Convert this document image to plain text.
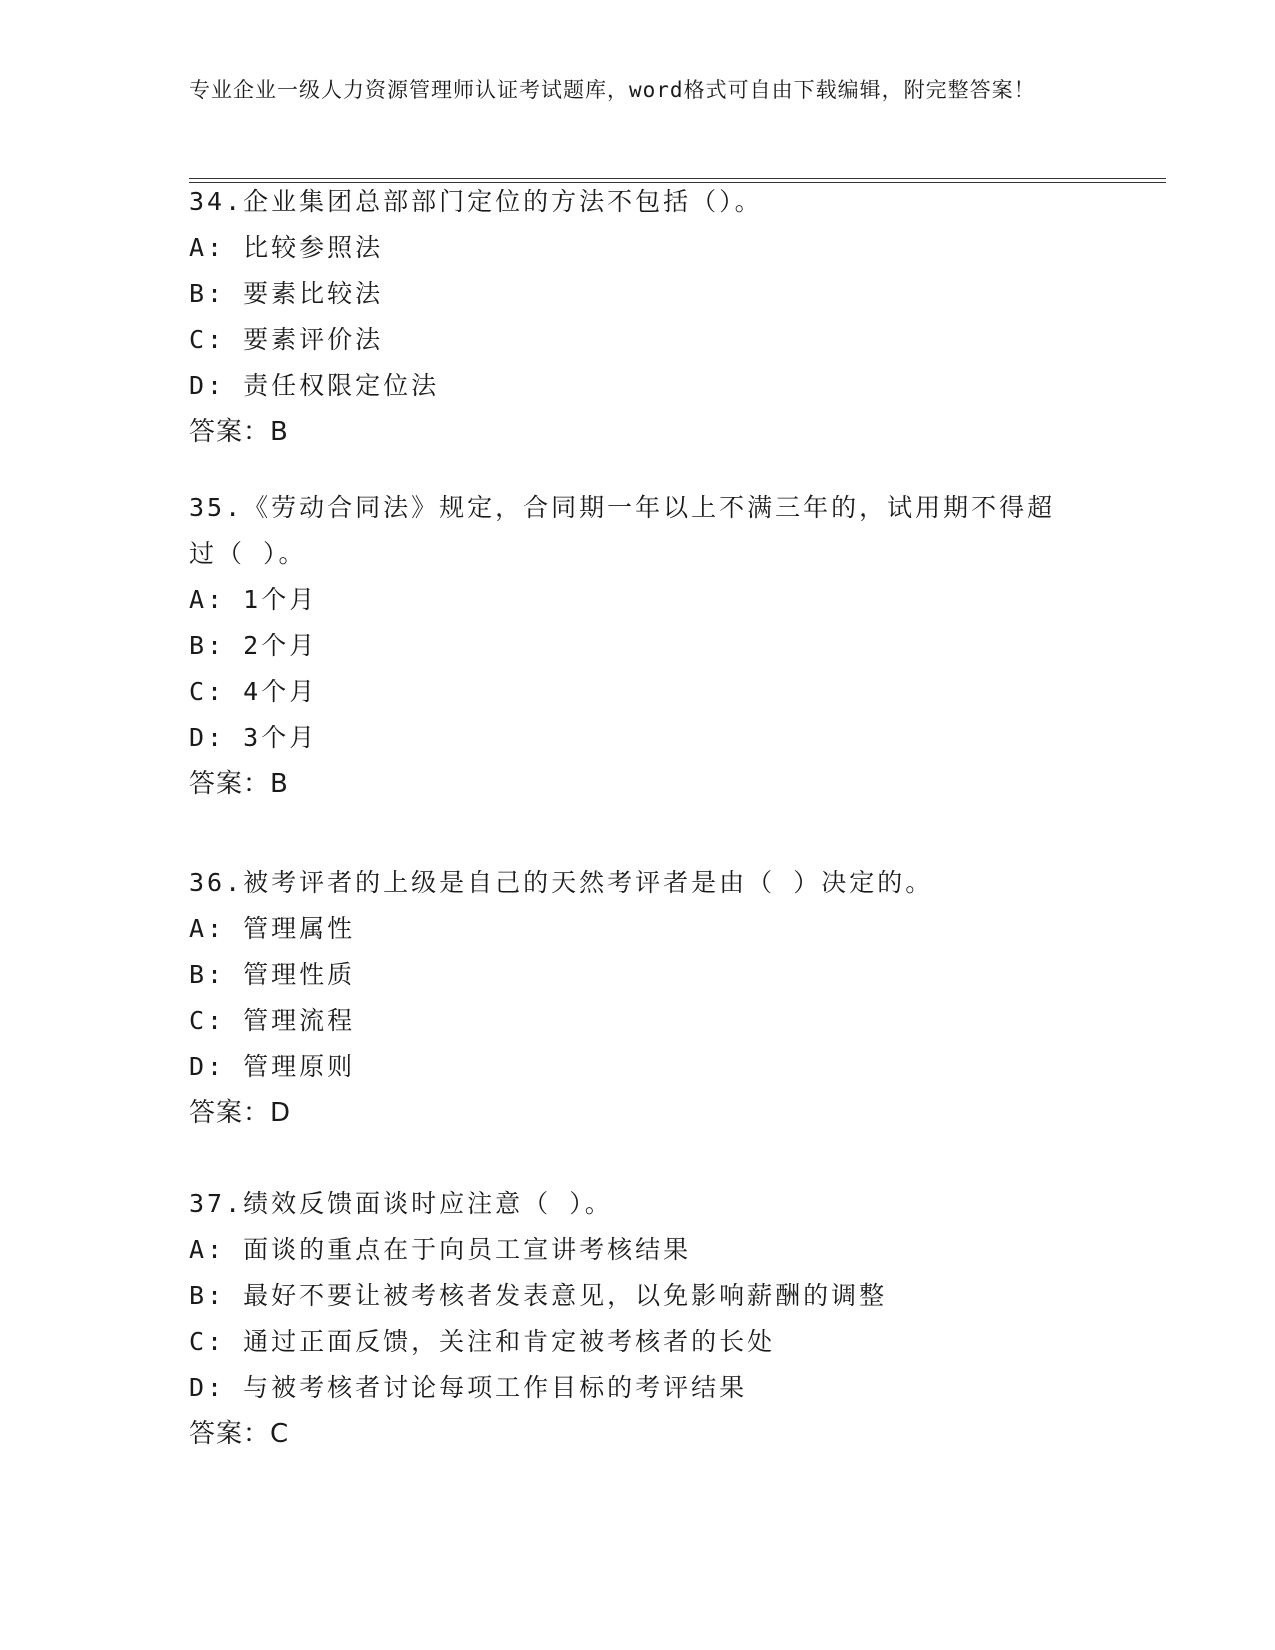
专业企业一级人力资源管理师认证考试题库，word格式可自由下载编辑，附完整答案！

34.企业集团总部部门定位的方法不包括（）。

A: 比较参照法

B: 要素比较法

C: 要素评价法

D: 责任权限定位法

答案：B

35.《劳动合同法》规定，合同期一年以上不满三年的，试用期不得超过（ ）。

A: 1个月

B: 2个月

C: 4个月

D: 3个月

答案：B

36.被考评者的上级是自己的天然考评者是由（ ）决定的。

A: 管理属性

B: 管理性质

C: 管理流程

D: 管理原则

答案：D

37.绩效反馈面谈时应注意（ ）。

A: 面谈的重点在于向员工宣讲考核结果

B: 最好不要让被考核者发表意见，以免影响薪酬的调整

C: 通过正面反馈，关注和肯定被考核者的长处

D: 与被考核者讨论每项工作目标的考评结果

答案：C
